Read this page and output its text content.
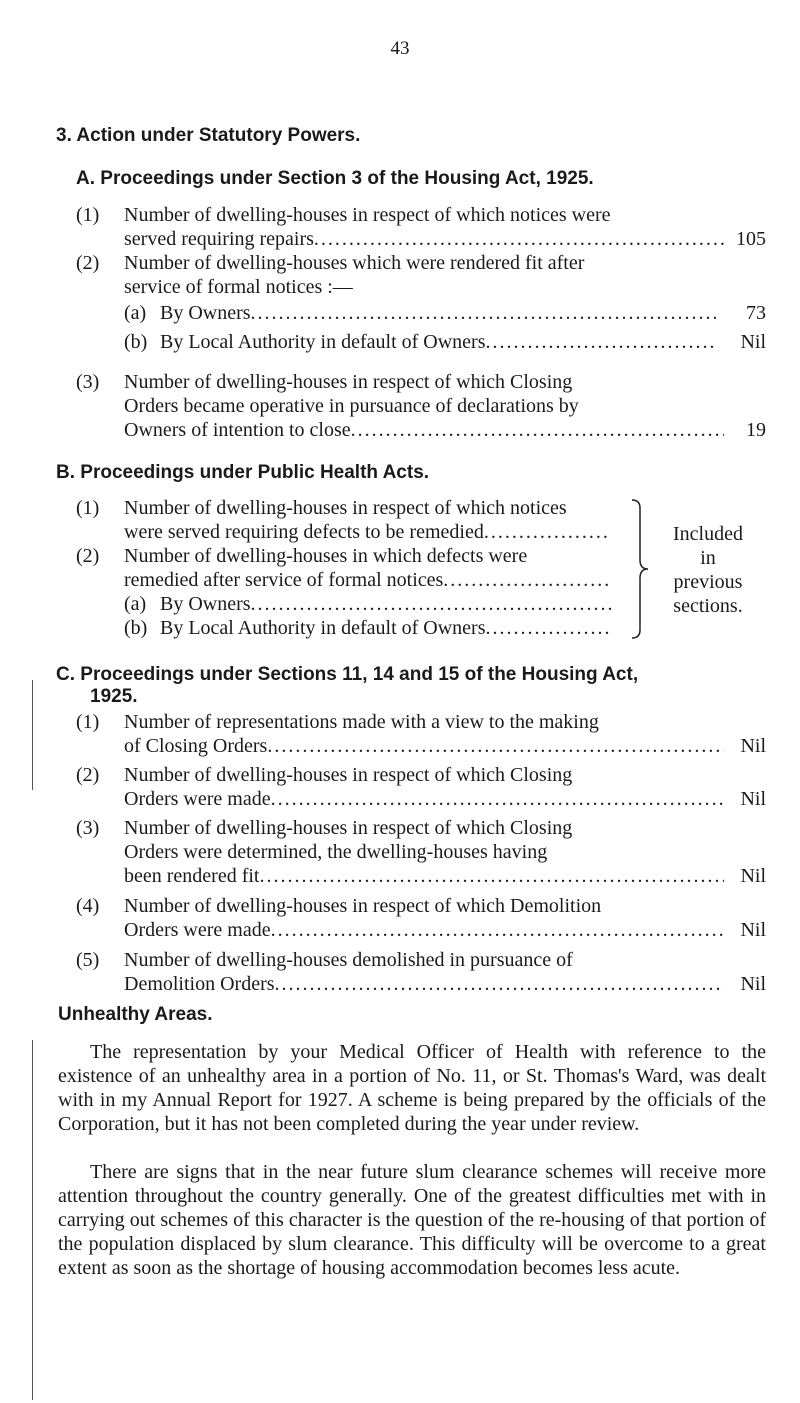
43
3. Action under Statutory Powers.
A. Proceedings under Section 3 of the Housing Act, 1925.
(1) Number of dwelling-houses in respect of which notices were
served requiring repairs .....	105
(2) Number of dwelling-houses which were rendered fit after
service of formal notices :—
(a) By Owners .....	73
(b) By Local Authority in default of Owners .....	Nil
(3) Number of dwelling-houses in respect of which Closing
Orders became operative in pursuance of declarations by
Owners of intention to close .....	19
B. Proceedings under Public Health Acts.
(1) Number of dwelling-houses in respect of which notices
were served requiring defects to be remedied
.....
(2) Number of dwelling-houses in which defects were
remedied after service of formal notices
.....
(a) By Owners
.....
(b) By Local Authority in default of Owners
.....
Included
in
previous
sections.
C. Proceedings under Sections 11, 14 and 15 of the Housing Act,
1925.
(1) Number of representations made with a view to the making
of Closing Orders .....	Nil
(2) Number of dwelling-houses in respect of which Closing
Orders were made .....	Nil
(3) Number of dwelling-houses in respect of which Closing
Orders were determined, the dwelling-houses having
been rendered fit .....	Nil
(4) Number of dwelling-houses in respect of which Demolition
Orders were made .....	Nil
(5) Number of dwelling-houses demolished in pursuance of
Demolition Orders .....	Nil
Unhealthy Areas.
The representation by your Medical Officer of Health with reference to the existence of an unhealthy area in a portion of No. 11, or St. Thomas's Ward, was dealt with in my Annual Report for 1927. A scheme is being prepared by the officials of the Corporation, but it has not been completed during the year under review.
There are signs that in the near future slum clearance schemes will receive more attention throughout the country generally. One of the greatest difficulties met with in carrying out schemes of this character is the question of the re-housing of that portion of the population displaced by slum clearance. This difficulty will be overcome to a great extent as soon as the shortage of housing accommodation becomes less acute.
